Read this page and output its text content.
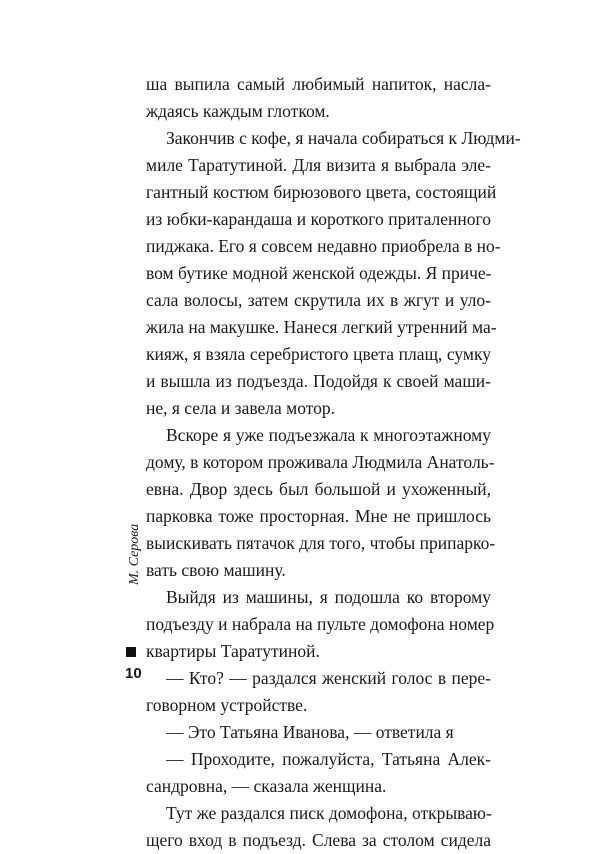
ша выпила самый любимый напиток, насла-
ждаясь каждым глотком.
Закончив с кофе, я начала собираться к Людми-
миле Таратутиной. Для визита я выбрала эле-
гантный костюм бирюзового цвета, состоящий
из юбки-карандаша и короткого приталенного
пиджака. Его я совсем недавно приобрела в но-
вом бутике модной женской одежды. Я приче-
сала волосы, затем скрутила их в жгут и уло-
жила на макушке. Нанеся легкий утренний ма-
кияж, я взяла серебристого цвета плащ, сумку
и вышла из подъезда. Подойдя к своей маши-
не, я села и завела мотор.
Вскоре я уже подъезжала к многоэтажному
дому, в котором проживала Людмила Анатоль-
евна. Двор здесь был большой и ухоженный,
парковка тоже просторная. Мне не пришлось
выискивать пятачок для того, чтобы припарко-
вать свою машину.
Выйдя из машины, я подошла ко второму
подъезду и набрала на пульте домофона номер
квартиры Таратутиной.
— Кто? — раздался женский голос в пере-
говорном устройстве.
— Это Татьяна Иванова, — ответила я
— Проходите, пожалуйста, Татьяна Алек-
сандровна, — сказала женщина.
Тут же раздался писк домофона, открываю-
щего вход в подъезд. Слева за столом сидела
М. Серова
10
